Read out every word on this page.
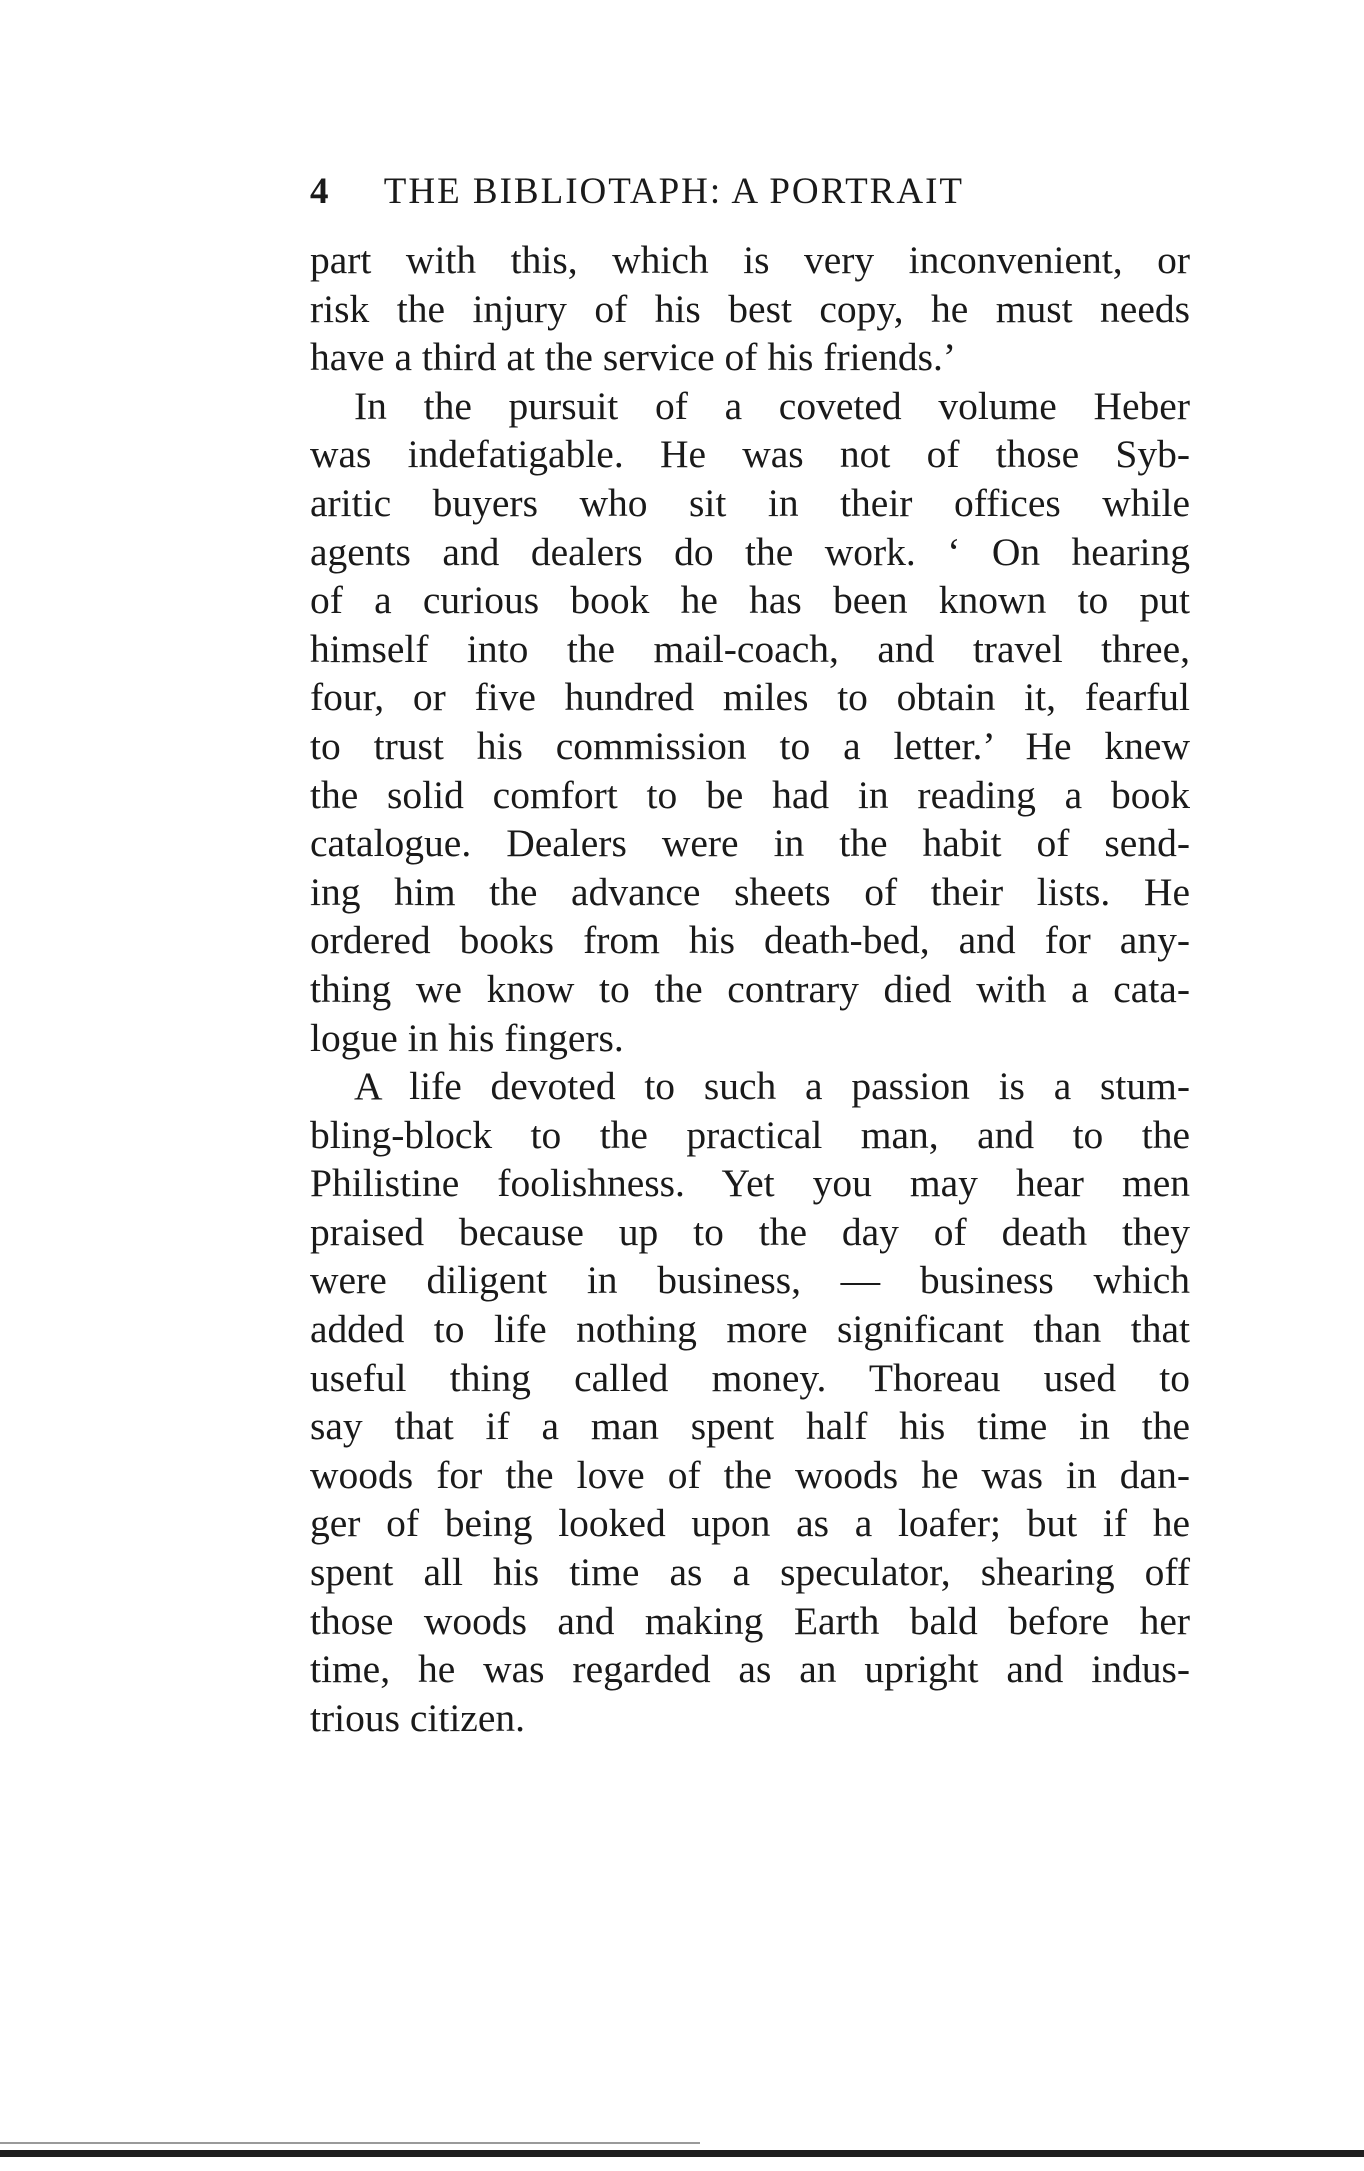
4 THE BIBLIOTAPH: A PORTRAIT
part with this, which is very inconvenient, or
risk the injury of his best copy, he must needs
have a third at the service of his friends.’
In the pursuit of a coveted volume Heber
was indefatigable. He was not of those Syb-
aritic buyers who sit in their offices while
agents and dealers do the work. ‘ On hearing
of a curious book he has been known to put
himself into the mail-coach, and travel three,
four, or five hundred miles to obtain it, fearful
to trust his commission to a letter.’ He knew
the solid comfort to be had in reading a book
catalogue. Dealers were in the habit of send-
ing him the advance sheets of their lists. He
ordered books from his death-bed, and for any-
thing we know to the contrary died with a cata-
logue in his fingers.
A life devoted to such a passion is a stum-
bling-block to the practical man, and to the
Philistine foolishness. Yet you may hear men
praised because up to the day of death they
were diligent in business, — business which
added to life nothing more significant than that
useful thing called money. Thoreau used to
say that if a man spent half his time in the
woods for the love of the woods he was in dan-
ger of being looked upon as a loafer; but if he
spent all his time as a speculator, shearing off
those woods and making Earth bald before her
time, he was regarded as an upright and indus-
trious citizen.
